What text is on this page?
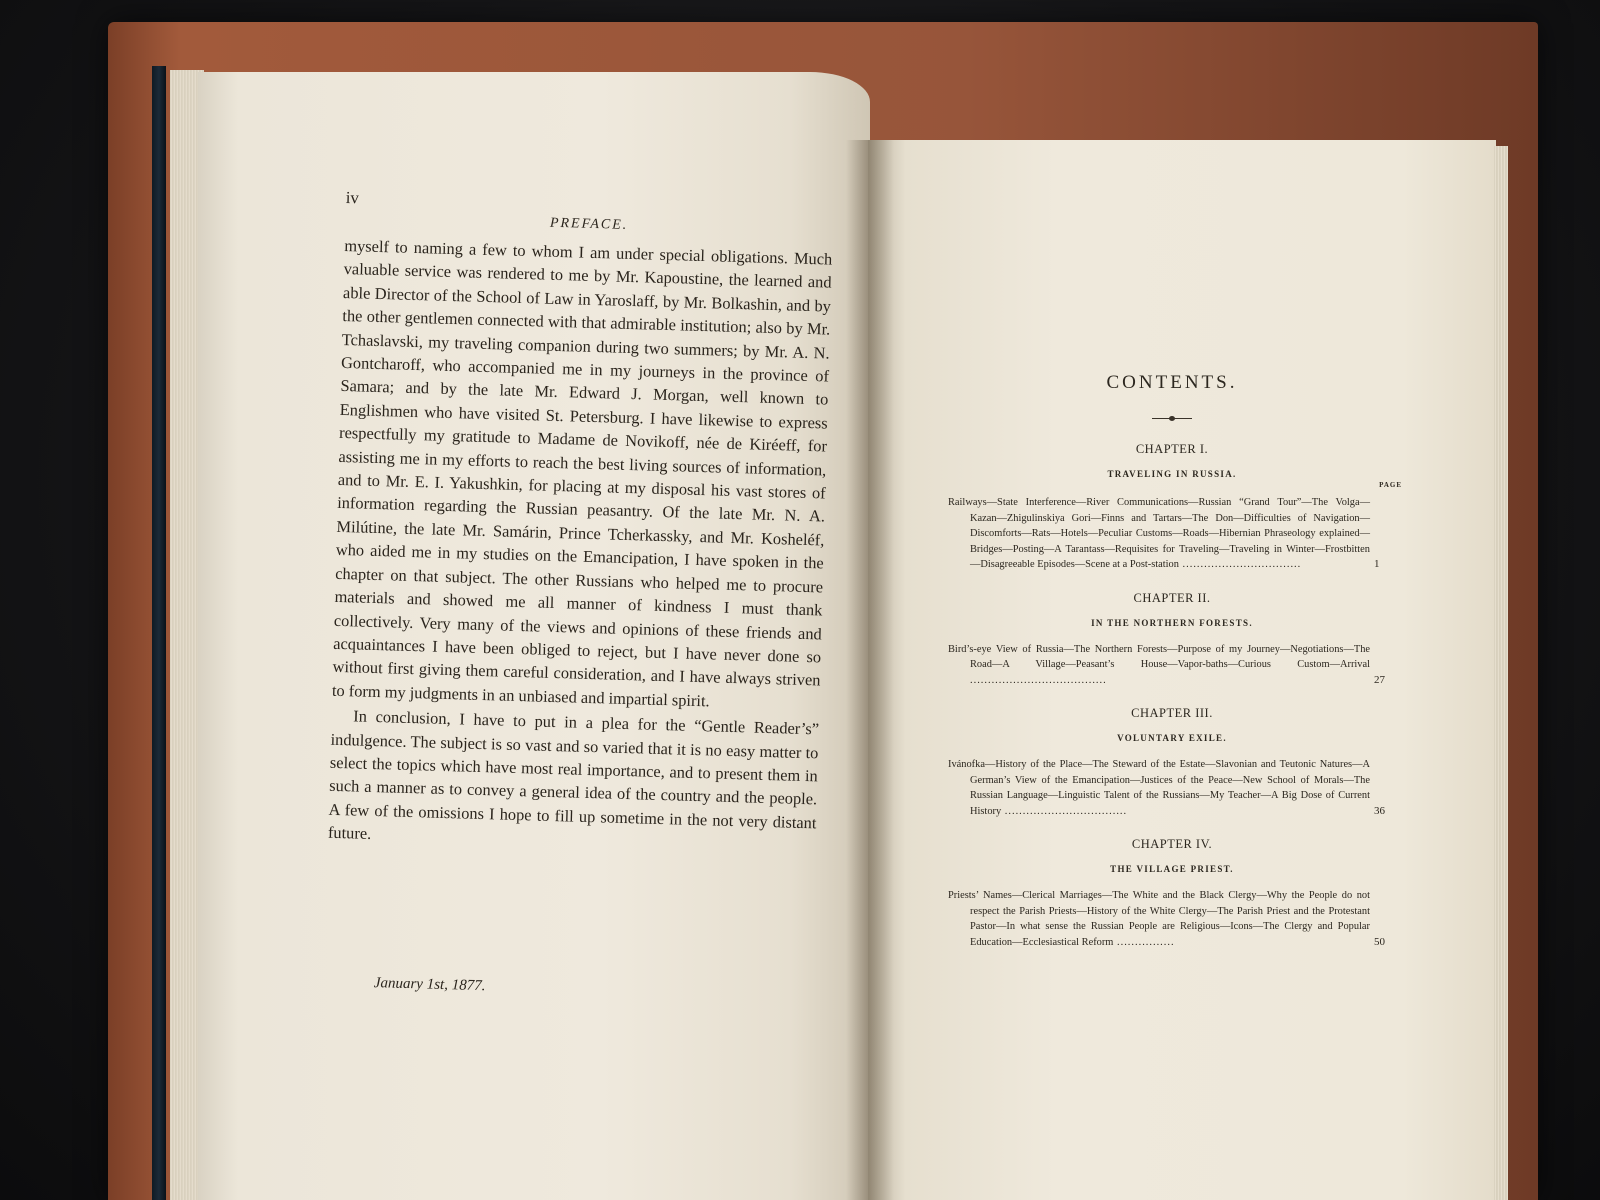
iv
PREFACE.

myself to naming a few to whom I am under special obligations. Much valuable service was rendered to me by Mr. Kapoustine, the learned and able Director of the School of Law in Yaroslaff, by Mr. Bolkashin, and by the other gentlemen connected with that admirable institution; also by Mr. Tchaslavski, my traveling companion during two summers; by Mr. A. N. Gontcharoff, who accompanied me in my journeys in the province of Samara; and by the late Mr. Edward J. Morgan, well known to Englishmen who have visited St. Petersburg. I have likewise to express respectfully my gratitude to Madame de Novikoff, née de Kiréeff, for assisting me in my efforts to reach the best living sources of information, and to Mr. E. I. Yakushkin, for placing at my disposal his vast stores of information regarding the Russian peasantry. Of the late Mr. N. A. Milútine, the late Mr. Samárin, Prince Tcherkassky, and Mr. Kosheléf, who aided me in my studies on the Emancipation, I have spoken in the chapter on that subject. The other Russians who helped me to procure materials and showed me all manner of kindness I must thank collectively. Very many of the views and opinions of these friends and acquaintances I have been obliged to reject, but I have never done so without first giving them careful consideration, and I have always striven to form my judgments in an unbiased and impartial spirit.

In conclusion, I have to put in a plea for the “Gentle Reader’s” indulgence. The subject is so vast and so varied that it is no easy matter to select the topics which have most real importance, and to present them in such a manner as to convey a general idea of the country and the people. A few of the omissions I hope to fill up sometime in the not very distant future.

January 1st, 1877.
CONTENTS.
CHAPTER I.
TRAVELING IN RUSSIA.
PAGE
Railways—State Interference—River Communications—Russian “Grand Tour”—The Volga—Kazan—Zhigulinskiya Gori—Finns and Tartars—The Don—Difficulties of Navigation—Discomforts—Rats—Hotels—Peculiar Customs—Roads—Hibernian Phraseology explained—Bridges—Posting—A Tarantass—Requisites for Traveling—Traveling in Winter—Frostbitten—Disagreeable Episodes—Scene at a Post-station .................................	1
CHAPTER II.
IN THE NORTHERN FORESTS.
Bird’s-eye View of Russia—The Northern Forests—Purpose of my Journey—Negotiations—The Road—A Village—Peasant’s House—Vapor-baths—Curious Custom—Arrival ......................................	27
CHAPTER III.
VOLUNTARY EXILE.
Ivánofka—History of the Place—The Steward of the Estate—Slavonian and Teutonic Natures—A German’s View of the Emancipation—Justices of the Peace—New School of Morals—The Russian Language—Linguistic Talent of the Russians—My Teacher—A Big Dose of Current History ..................................	36
CHAPTER IV.
THE VILLAGE PRIEST.
Priests’ Names—Clerical Marriages—The White and the Black Clergy—Why the People do not respect the Parish Priests—History of the White Clergy—The Parish Priest and the Protestant Pastor—In what sense the Russian People are Religious—Icons—The Clergy and Popular Education—Ecclesiastical Reform ................	50
